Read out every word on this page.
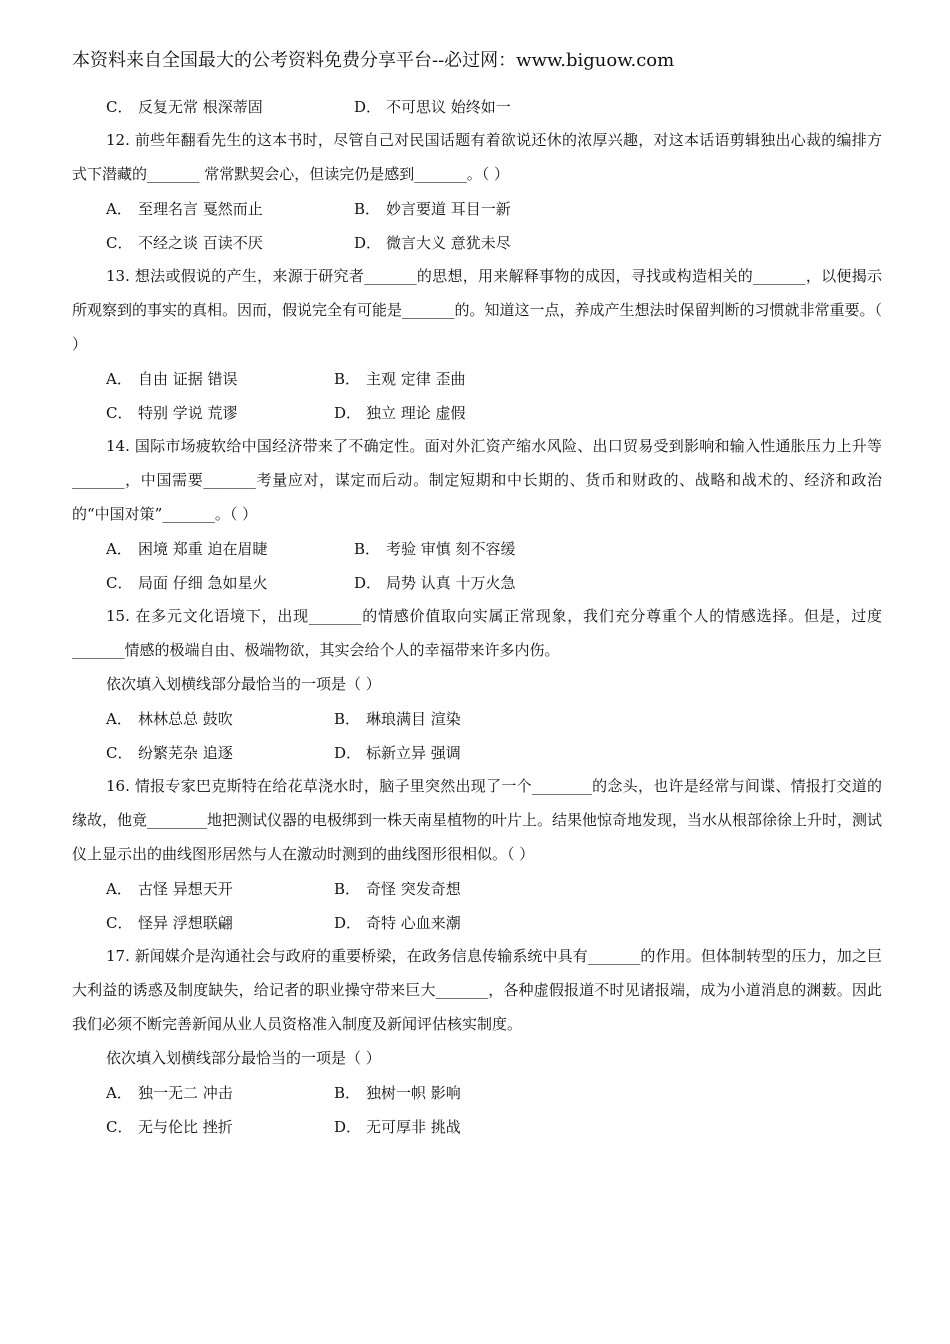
本资料来自全国最大的公考资料免费分享平台--必过网：www.biguow.com
C． 反复无常 根深蒂固	D． 不可思议 始终如一

12. 前些年翻看先生的这本书时，尽管自己对民国话题有着欲说还休的浓厚兴趣，对这本话语剪辑独出心裁的编排方式下潜藏的_______ 常常默契会心，但读完仍是感到_______。（ ）

A． 至理名言 戛然而止	B． 妙言要道 耳目一新
C． 不经之谈 百读不厌	D． 微言大义 意犹未尽

13. 想法或假说的产生，来源于研究者_______的思想，用来解释事物的成因，寻找或构造相关的_______，以便揭示所观察到的事实的真相。因而，假说完全有可能是_______的。知道这一点，养成产生想法时保留判断的习惯就非常重要。（ ）

A． 自由 证据 错误	B． 主观 定律 歪曲
C． 特别 学说 荒谬	D． 独立 理论 虚假

14. 国际市场疲软给中国经济带来了不确定性。面对外汇资产缩水风险、出口贸易受到影响和输入性通胀压力上升等_______，中国需要_______考量应对，谋定而后动。制定短期和中长期的、货币和财政的、战略和战术的、经济和政治的“中国对策”_______。（ ）

A． 困境 郑重 迫在眉睫	B． 考验 审慎 刻不容缓
C． 局面 仔细 急如星火	D． 局势 认真 十万火急

15. 在多元文化语境下，出现_______的情感价值取向实属正常现象，我们充分尊重个人的情感选择。但是，过度_______情感的极端自由、极端物欲，其实会给个人的幸福带来许多内伤。

依次填入划横线部分最恰当的一项是（ ）

A． 林林总总 鼓吹	B． 琳琅满目 渲染
C． 纷繁芜杂 追逐	D． 标新立异 强调

16. 情报专家巴克斯特在给花草浇水时，脑子里突然出现了一个________的念头，也许是经常与间谍、情报打交道的缘故，他竟________地把测试仪器的电极绑到一株天南星植物的叶片上。结果他惊奇地发现，当水从根部徐徐上升时，测试仪上显示出的曲线图形居然与人在激动时测到的曲线图形很相似。（ ）

A． 古怪 异想天开	B． 奇怪 突发奇想
C． 怪异 浮想联翩	D． 奇特 心血来潮

17. 新闻媒介是沟通社会与政府的重要桥梁，在政务信息传输系统中具有_______的作用。但体制转型的压力，加之巨大利益的诱惑及制度缺失，给记者的职业操守带来巨大_______，各种虚假报道不时见诸报端，成为小道消息的渊薮。因此我们必须不断完善新闻从业人员资格准入制度及新闻评估核实制度。

依次填入划横线部分最恰当的一项是（ ）

A． 独一无二 冲击	B． 独树一帜 影响
C． 无与伦比 挫折	D． 无可厚非 挑战
